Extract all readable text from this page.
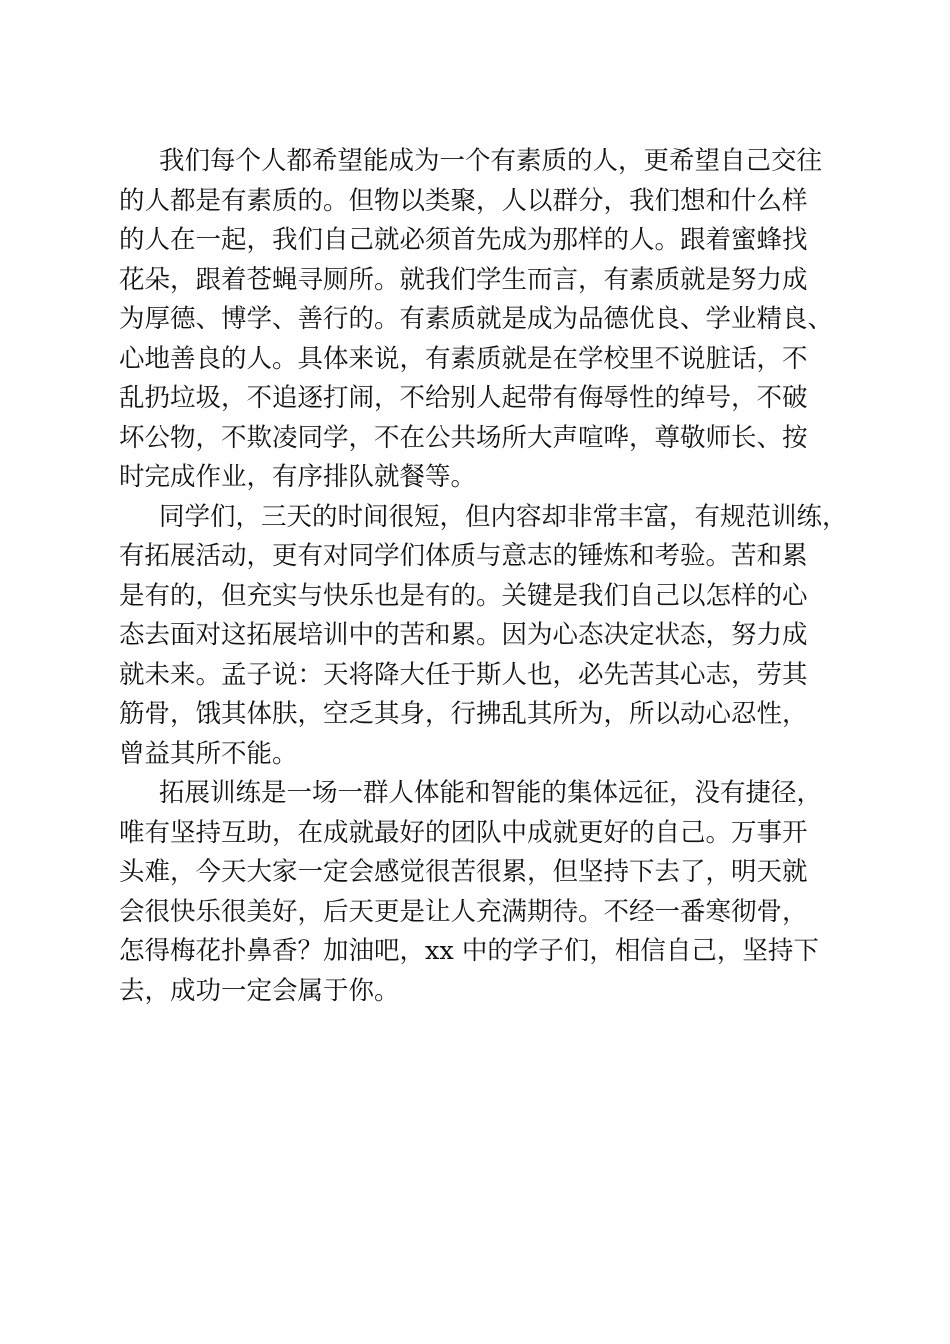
我们每个人都希望能成为一个有素质的人，更希望自己交往
的人都是有素质的。但物以类聚，人以群分，我们想和什么样
的人在一起，我们自己就必须首先成为那样的人。跟着蜜蜂找
花朵，跟着苍蝇寻厕所。就我们学生而言，有素质就是努力成
为厚德、博学、善行的。有素质就是成为品德优良、学业精良、
心地善良的人。具体来说，有素质就是在学校里不说脏话，不
乱扔垃圾，不追逐打闹，不给别人起带有侮辱性的绰号，不破
坏公物，不欺凌同学，不在公共场所大声喧哗，尊敬师长、按
时完成作业，有序排队就餐等。
同学们，三天的时间很短，但内容却非常丰富，有规范训练，
有拓展活动，更有对同学们体质与意志的锤炼和考验。苦和累
是有的，但充实与快乐也是有的。关键是我们自己以怎样的心
态去面对这拓展培训中的苦和累。因为心态决定状态，努力成
就未来。孟子说：天将降大任于斯人也，必先苦其心志，劳其
筋骨，饿其体肤，空乏其身，行拂乱其所为，所以动心忍性，
曾益其所不能。
拓展训练是一场一群人体能和智能的集体远征，没有捷径，
唯有坚持互助，在成就最好的团队中成就更好的自己。万事开
头难，今天大家一定会感觉很苦很累，但坚持下去了，明天就
会很快乐很美好，后天更是让人充满期待。不经一番寒彻骨，
怎得梅花扑鼻香？加油吧，xx 中的学子们，相信自己，坚持下
去，成功一定会属于你。
